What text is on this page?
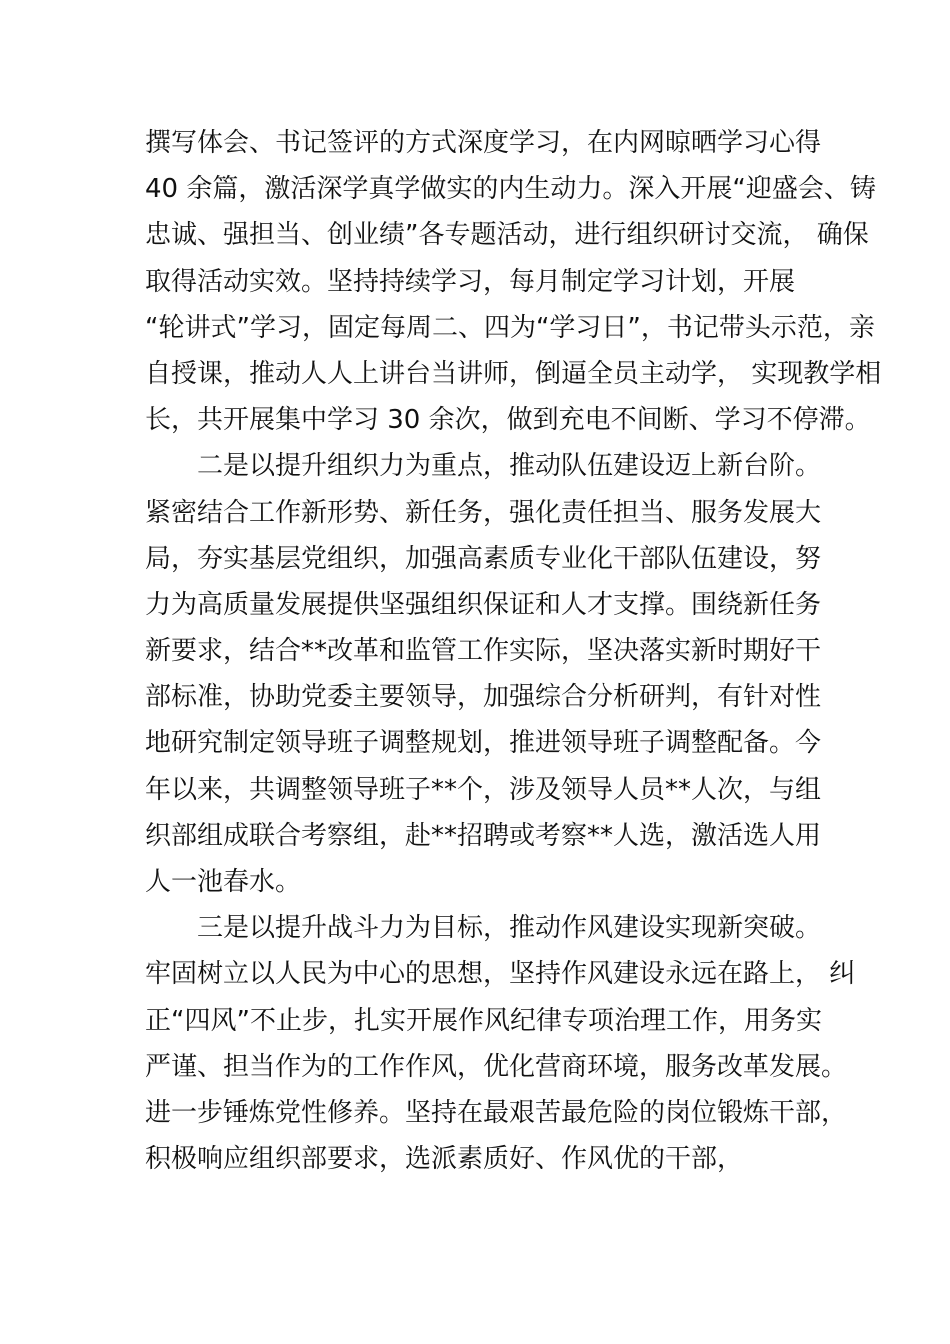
撰写体会、书记签评的方式深度学习，在内网晾晒学习心得
40 余篇，激活深学真学做实的内生动力。深入开展“迎盛会、铸
忠诚、强担当、创业绩”各专题活动，进行组织研讨交流， 确保
取得活动实效。坚持持续学习，每月制定学习计划，开展
“轮讲式”学习，固定每周二、四为“学习日”，书记带头示范，亲
自授课，推动人人上讲台当讲师，倒逼全员主动学， 实现教学相
长，共开展集中学习 30 余次，做到充电不间断、学习不停滞。
二是以提升组织力为重点，推动队伍建设迈上新台阶。
紧密结合工作新形势、新任务，强化责任担当、服务发展大
局，夯实基层党组织，加强高素质专业化干部队伍建设，努
力为高质量发展提供坚强组织保证和人才支撑。围绕新任务
新要求，结合**改革和监管工作实际，坚决落实新时期好干
部标准，协助党委主要领导，加强综合分析研判，有针对性
地研究制定领导班子调整规划，推进领导班子调整配备。今
年以来，共调整领导班子**个，涉及领导人员**人次，与组
织部组成联合考察组，赴**招聘或考察**人选，激活选人用
人一池春水。
三是以提升战斗力为目标，推动作风建设实现新突破。
牢固树立以人民为中心的思想，坚持作风建设永远在路上， 纠
正“四风”不止步，扎实开展作风纪律专项治理工作，用务实
严谨、担当作为的工作作风，优化营商环境，服务改革发展。
进一步锤炼党性修养。坚持在最艰苦最危险的岗位锻炼干部，
积极响应组织部要求，选派素质好、作风优的干部，
